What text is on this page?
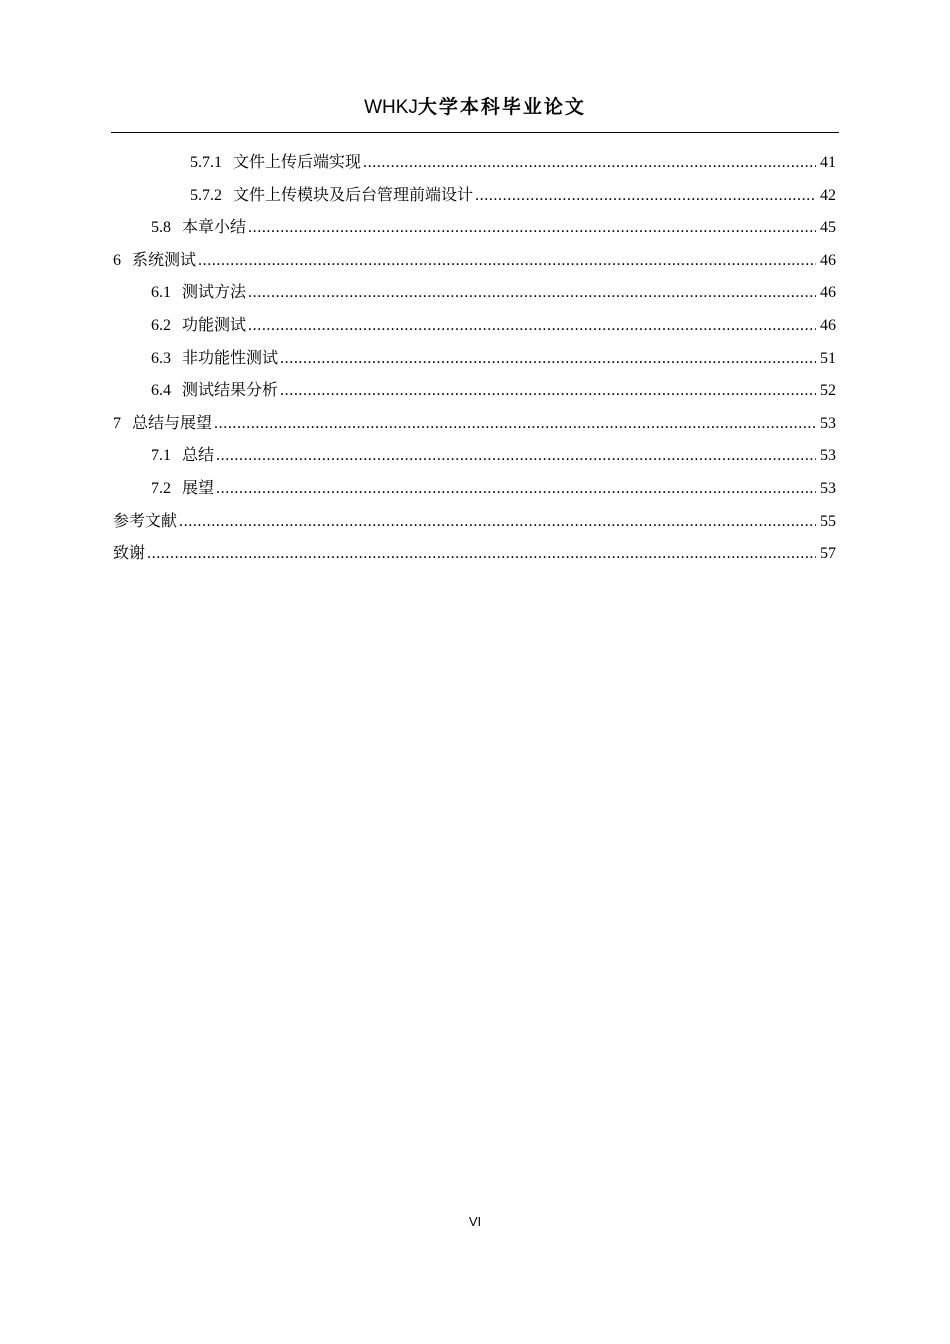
WHKJ大学本科毕业论文
5.7.1 文件上传后端实现 .....	41
5.7.2 文件上传模块及后台管理前端设计 .....	42
5.8 本章小结 .....	45
6 系统测试 .....	46
6.1 测试方法 .....	46
6.2 功能测试 .....	46
6.3 非功能性测试 .....	51
6.4 测试结果分析 .....	52
7 总结与展望 .....	53
7.1 总结 .....	53
7.2 展望 .....	53
参考文献 .....	55
致谢 .....	57
VI
